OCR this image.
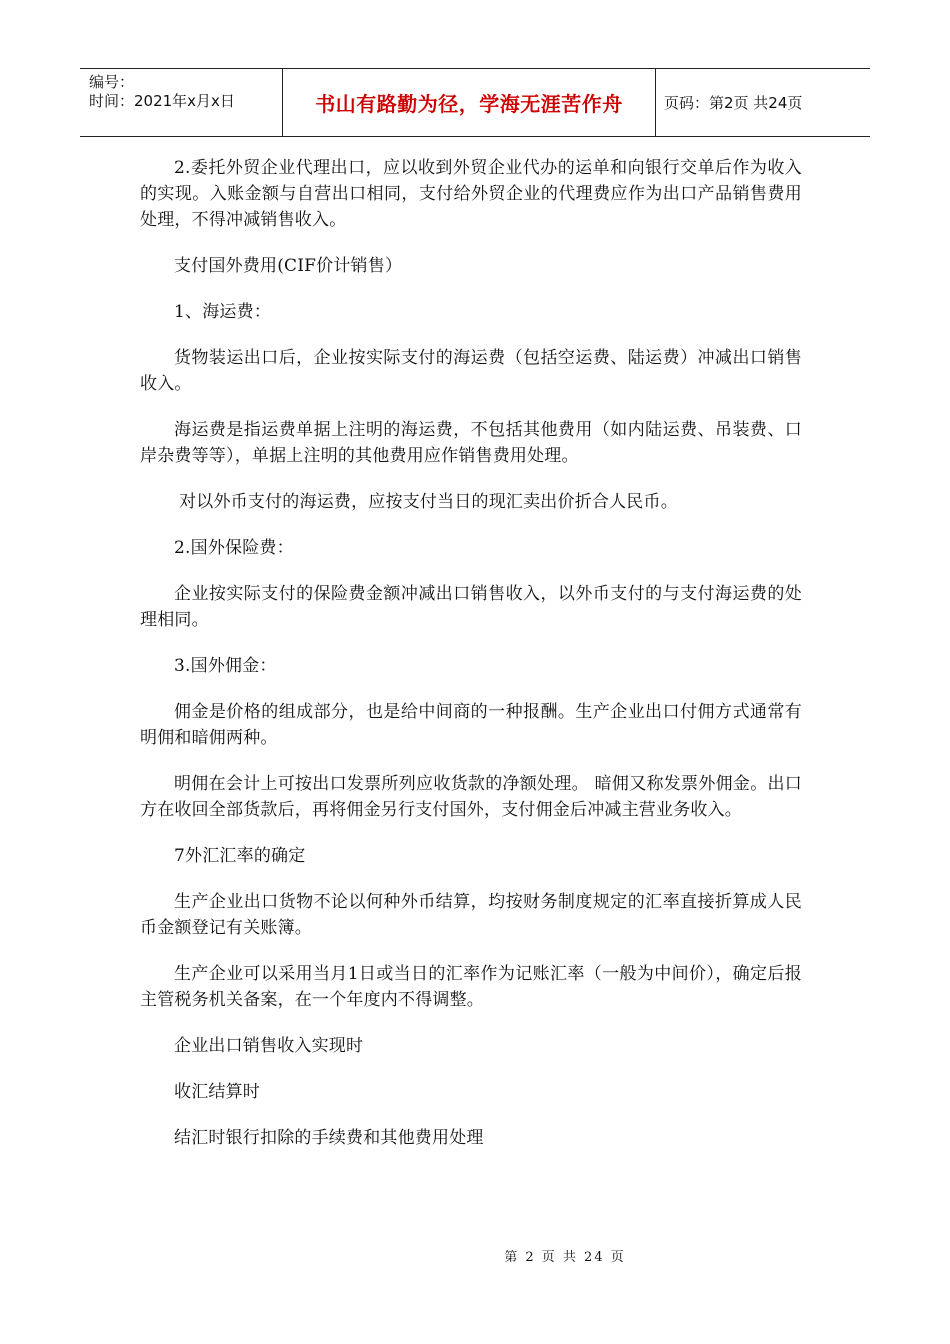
编号：
时间：2021年x月x日	书山有路勤为径，学海无涯苦作舟	页码：第2页 共24页

2.委托外贸企业代理出口，应以收到外贸企业代办的运单和向银行交单后作为收入的实现。入账金额与自营出口相同，支付给外贸企业的代理费应作为出口产品销售费用处理，不得冲减销售收入。

支付国外费用(CIF价计销售）

1、海运费：

货物装运出口后，企业按实际支付的海运费（包括空运费、陆运费）冲减出口销售收入。

海运费是指运费单据上注明的海运费，不包括其他费用（如内陆运费、吊装费、口岸杂费等等），单据上注明的其他费用应作销售费用处理。

对以外币支付的海运费，应按支付当日的现汇卖出价折合人民币。

2.国外保险费：

企业按实际支付的保险费金额冲减出口销售收入，以外币支付的与支付海运费的处理相同。

3.国外佣金：

佣金是价格的组成部分，也是给中间商的一种报酬。生产企业出口付佣方式通常有明佣和暗佣两种。

明佣在会计上可按出口发票所列应收货款的净额处理。 暗佣又称发票外佣金。出口方在收回全部货款后，再将佣金另行支付国外，支付佣金后冲减主营业务收入。

7外汇汇率的确定

生产企业出口货物不论以何种外币结算，均按财务制度规定的汇率直接折算成人民币金额登记有关账簿。

生产企业可以采用当月1日或当日的汇率作为记账汇率（一般为中间价），确定后报主管税务机关备案，在一个年度内不得调整。

企业出口销售收入实现时

收汇结算时

结汇时银行扣除的手续费和其他费用处理

第 2 页 共 24 页
